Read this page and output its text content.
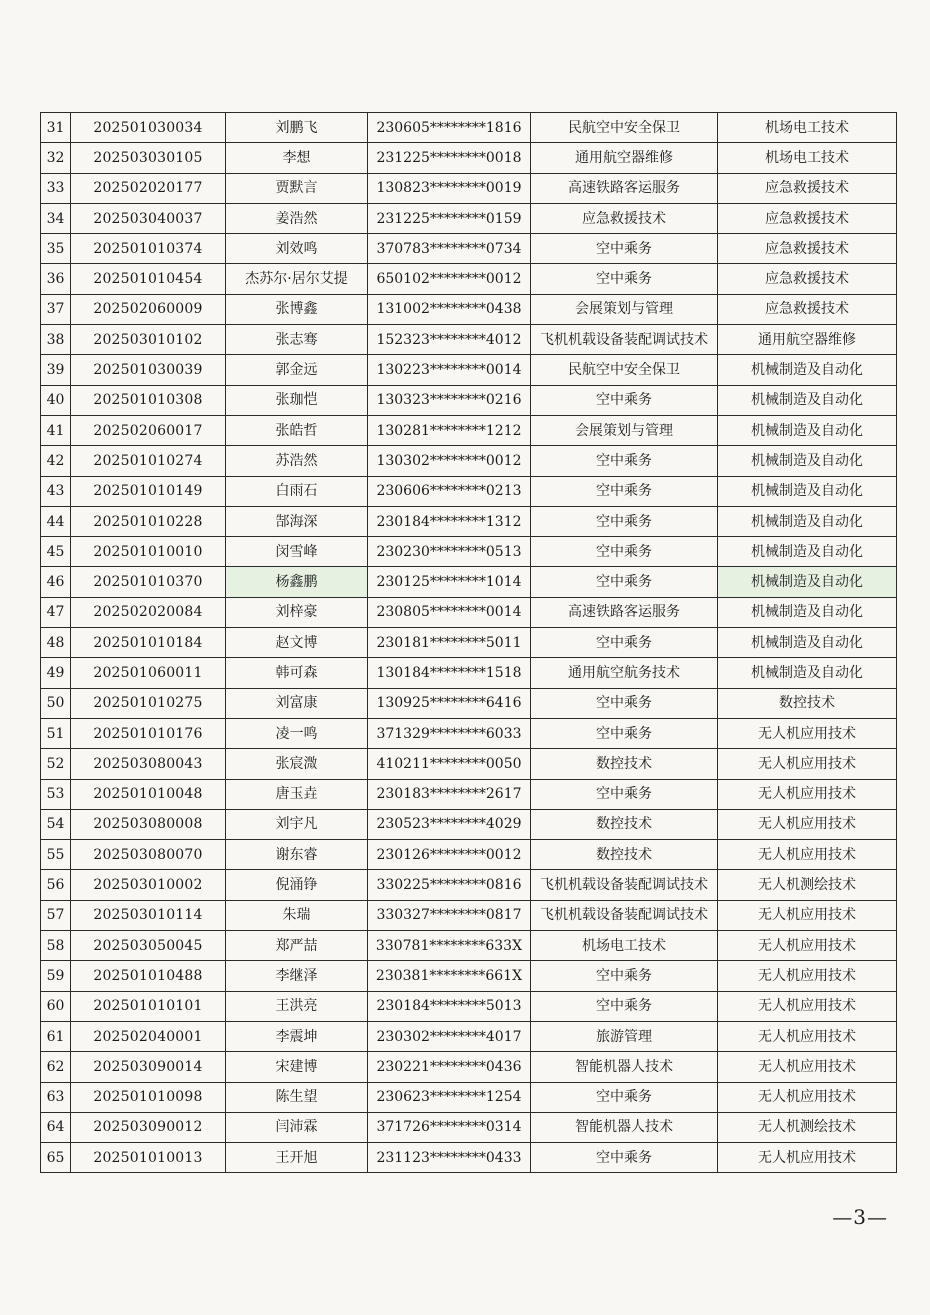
31	202501030034	刘鹏飞	230605********1816	民航空中安全保卫	机场电工技术
32	202503030105	李想	231225********0018	通用航空器维修	机场电工技术
33	202502020177	贾默言	130823********0019	高速铁路客运服务	应急救援技术
34	202503040037	姜浩然	231225********0159	应急救援技术	应急救援技术
35	202501010374	刘效鸣	370783********0734	空中乘务	应急救援技术
36	202501010454	杰苏尔·居尔艾提	650102********0012	空中乘务	应急救援技术
37	202502060009	张博鑫	131002********0438	会展策划与管理	应急救援技术
38	202503010102	张志骞	152323********4012	飞机机载设备装配调试技术	通用航空器维修
39	202501030039	郭金远	130223********0014	民航空中安全保卫	机械制造及自动化
40	202501010308	张珈恺	130323********0216	空中乘务	机械制造及自动化
41	202502060017	张皓哲	130281********1212	会展策划与管理	机械制造及自动化
42	202501010274	苏浩然	130302********0012	空中乘务	机械制造及自动化
43	202501010149	白雨石	230606********0213	空中乘务	机械制造及自动化
44	202501010228	郜海深	230184********1312	空中乘务	机械制造及自动化
45	202501010010	闵雪峰	230230********0513	空中乘务	机械制造及自动化
46	202501010370	杨鑫鹏	230125********1014	空中乘务	机械制造及自动化
47	202502020084	刘梓豪	230805********0014	高速铁路客运服务	机械制造及自动化
48	202501010184	赵文博	230181********5011	空中乘务	机械制造及自动化
49	202501060011	韩可森	130184********1518	通用航空航务技术	机械制造及自动化
50	202501010275	刘富康	130925********6416	空中乘务	数控技术
51	202501010176	凌一鸣	371329********6033	空中乘务	无人机应用技术
52	202503080043	张宸溦	410211********0050	数控技术	无人机应用技术
53	202501010048	唐玉垚	230183********2617	空中乘务	无人机应用技术
54	202503080008	刘宇凡	230523********4029	数控技术	无人机应用技术
55	202503080070	谢东睿	230126********0012	数控技术	无人机应用技术
56	202503010002	倪涌铮	330225********0816	飞机机载设备装配调试技术	无人机测绘技术
57	202503010114	朱瑞	330327********0817	飞机机载设备装配调试技术	无人机应用技术
58	202503050045	郑严喆	330781********633X	机场电工技术	无人机应用技术
59	202501010488	李继泽	230381********661X	空中乘务	无人机应用技术
60	202501010101	王洪亮	230184********5013	空中乘务	无人机应用技术
61	202502040001	李震坤	230302********4017	旅游管理	无人机应用技术
62	202503090014	宋建博	230221********0436	智能机器人技术	无人机应用技术
63	202501010098	陈生望	230623********1254	空中乘务	无人机应用技术
64	202503090012	闫沛霖	371726********0314	智能机器人技术	无人机测绘技术
65	202501010013	王开旭	231123********0433	空中乘务	无人机应用技术
—3—
